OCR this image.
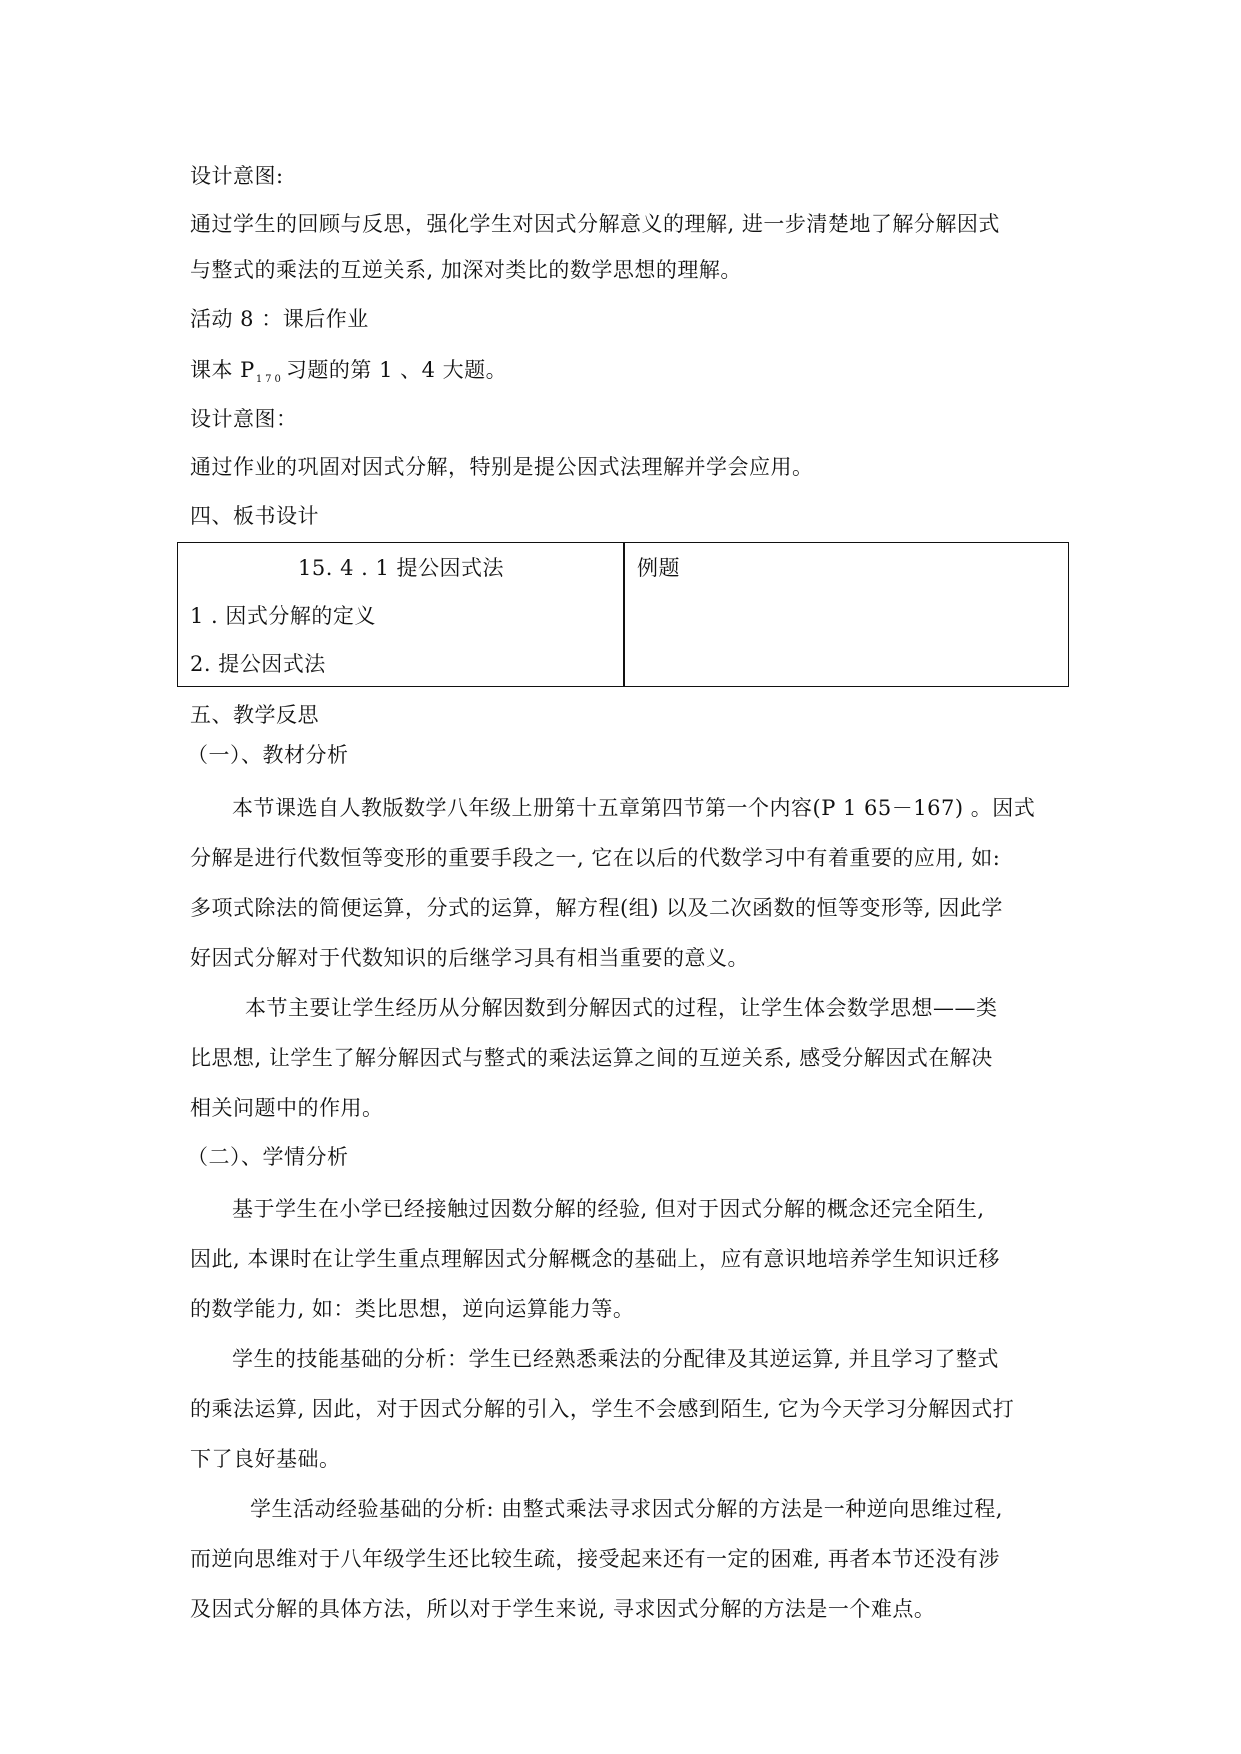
设计意图:
通过学生的回顾与反思，强化学生对因式分解意义的理解, 进一步清楚地了解分解因式
与整式的乘法的互逆关系, 加深对类比的数学思想的理解。
活动 8 ：课后作业
课本 $P_{170}$习题的第 1 、4 大题。
设计意图：
通过作业的巩固对因式分解，特别是提公因式法理解并学会应用。
四、板书设计
15. 4 . 1 提公因式法
1 . 因式分解的定义
2. 提公因式法
例题
五、教学反思
（一）、教材分析
本节课选自人教版数学八年级上册第十五章第四节第一个内容(P 1 65－167) 。因式
分解是进行代数恒等变形的重要手段之一, 它在以后的代数学习中有着重要的应用, 如:
多项式除法的简便运算，分式的运算，解方程(组) 以及二次函数的恒等变形等, 因此学
好因式分解对于代数知识的后继学习具有相当重要的意义。
本节主要让学生经历从分解因数到分解因式的过程，让学生体会数学思想——类
比思想, 让学生了解分解因式与整式的乘法运算之间的互逆关系, 感受分解因式在解决
相关问题中的作用。
（二）、学情分析
基于学生在小学已经接触过因数分解的经验, 但对于因式分解的概念还完全陌生,
因此, 本课时在让学生重点理解因式分解概念的基础上，应有意识地培养学生知识迁移
的数学能力, 如：类比思想，逆向运算能力等。
学生的技能基础的分析：学生已经熟悉乘法的分配律及其逆运算, 并且学习了整式
的乘法运算, 因此，对于因式分解的引入，学生不会感到陌生, 它为今天学习分解因式打
下了良好基础。
学生活动经验基础的分析: 由整式乘法寻求因式分解的方法是一种逆向思维过程,
而逆向思维对于八年级学生还比较生疏，接受起来还有一定的困难, 再者本节还没有涉
及因式分解的具体方法，所以对于学生来说, 寻求因式分解的方法是一个难点。
